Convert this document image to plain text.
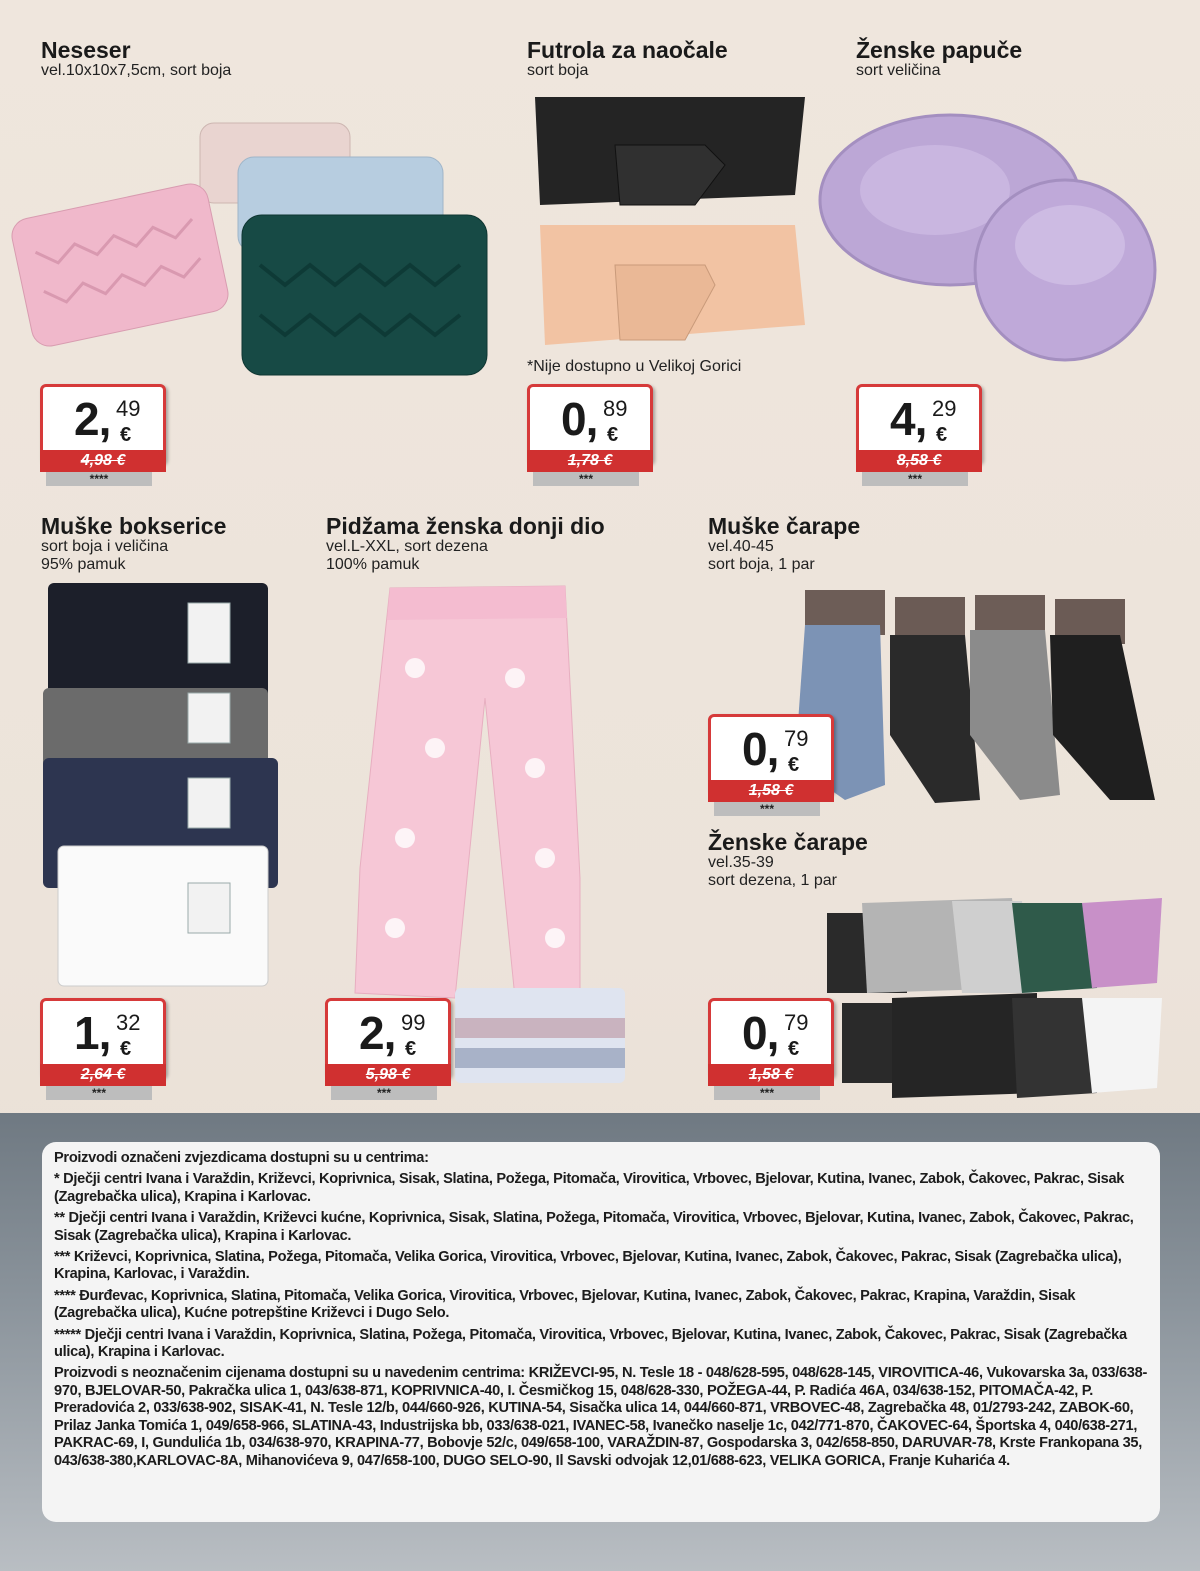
Neseser
vel.10x10x7,5cm, sort boja
2, 49
€
4,98 €
****
Futrola za naočale
sort boja
*Nije dostupno u Velikoj Gorici
0, 89
€
1,78 €
***
Ženske papuče
sort veličina
4, 29
€
8,58 €
***
Muške bokserice
sort boja i veličina
95% pamuk
1, 32
€
2,64 €
***
Pidžama ženska donji dio
vel.L-XXL, sort dezena
100% pamuk
2, 99
€
5,98 €
***
Muške čarape
vel.40-45
sort boja, 1 par
0, 79
€
1,58 €
***
Ženske čarape
vel.35-39
sort dezena, 1 par
0, 79
€
1,58 €
***

Proizvodi označeni zvjezdicama dostupni su u centrima:

* Dječji centri Ivana i Varaždin, Križevci, Koprivnica, Sisak, Slatina, Požega, Pitomača, Virovitica, Vrbovec, Bjelovar, Kutina, Ivanec, Zabok, Čakovec, Pakrac, Sisak (Zagrebačka ulica), Krapina i Karlovac.

** Dječji centri Ivana i Varaždin, Križevci kućne, Koprivnica, Sisak, Slatina, Požega, Pitomača, Virovitica, Vrbovec, Bjelovar, Kutina, Ivanec, Zabok, Čakovec, Pakrac, Sisak (Zagrebačka ulica), Krapina i Karlovac.

*** Križevci, Koprivnica, Slatina, Požega, Pitomača, Velika Gorica, Virovitica, Vrbovec, Bjelovar, Kutina, Ivanec, Zabok, Čakovec, Pakrac, Sisak (Zagrebačka ulica), Krapina, Karlovac, i Varaždin.

**** Đurđevac, Koprivnica, Slatina, Pitomača, Velika Gorica, Virovitica, Vrbovec, Bjelovar, Kutina, Ivanec, Zabok, Čakovec, Pakrac, Krapina, Varaždin, Sisak (Zagrebačka ulica), Kućne potrepštine Križevci i Dugo Selo.

***** Dječji centri Ivana i Varaždin, Koprivnica, Slatina, Požega, Pitomača, Virovitica, Vrbovec, Bjelovar, Kutina, Ivanec, Zabok, Čakovec, Pakrac, Sisak (Zagrebačka ulica), Krapina i Karlovac.

Proizvodi s neoznačenim cijenama dostupni su u navedenim centrima: KRIŽEVCI-95, N. Tesle 18 - 048/628-595, 048/628-145, VIROVITICA-46, Vukovarska 3a, 033/638-970, BJELOVAR-50, Pakračka ulica 1, 043/638-871, KOPRIVNICA-40, I. Česmičkog 15, 048/628-330, POŽEGA-44, P. Radića 46A, 034/638-152, PITOMAČA-42, P. Preradovića 2, 033/638-902, SISAK-41, N. Tesle 12/b, 044/660-926, KUTINA-54, Sisačka ulica 14, 044/660-871, VRBOVEC-48, Zagrebačka 48, 01/2793-242, ZABOK-60, Prilaz Janka Tomića 1, 049/658-966, SLATINA-43, Industrijska bb, 033/638-021, IVANEC-58, Ivanečko naselje 1c, 042/771-870, ČAKOVEC-64, Športska 4, 040/638-271, PAKRAC-69, I, Gundulića 1b, 034/638-970, KRAPINA-77, Bobovje 52/c, 049/658-100, VARAŽDIN-87, Gospodarska 3, 042/658-850, DARUVAR-78, Krste Frankopana 35, 043/638-380,KARLOVAC-8A, Mihanovićeva 9, 047/658-100, DUGO SELO-90, Il Savski odvojak 12,01/688-623, VELIKA GORICA, Franje Kuharića 4.
